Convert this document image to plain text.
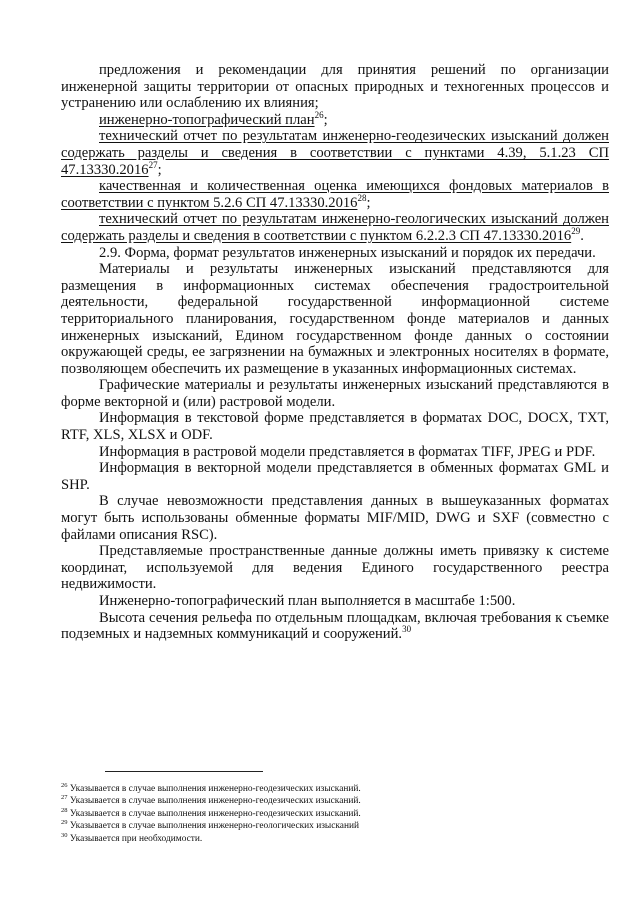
предложения и рекомендации для принятия решений по организации инженерной защиты территории от опасных природных и техногенных процессов и устранению или ослаблению их влияния;

инженерно-топографический план$^{26}$;

технический отчет по результатам инженерно-геодезических изысканий должен содержать разделы и сведения в соответствии с пунктами 4.39, 5.1.23 СП 47.13330.2016$^{27}$;

качественная и количественная оценка имеющихся фондовых материалов в соответствии с пунктом 5.2.6 СП 47.13330.2016$^{28}$;

технический отчет по результатам инженерно-геологических изысканий должен содержать разделы и сведения в соответствии с пунктом 6.2.2.3 СП 47.13330.2016$^{29}$.

2.9. Форма, формат результатов инженерных изысканий и порядок их передачи.

Материалы и результаты инженерных изысканий представляются для размещения в информационных системах обеспечения градостроительной деятельности, федеральной государственной информационной системе территориального планирования, государственном фонде материалов и данных инженерных изысканий, Едином государственном фонде данных о состоянии окружающей среды, ее загрязнении на бумажных и электронных носителях в формате, позволяющем обеспечить их размещение в указанных информационных системах.

Графические материалы и результаты инженерных изысканий представляются в форме векторной и (или) растровой модели.

Информация в текстовой форме представляется в форматах DOC, DOCX, TXT, RTF, XLS, XLSX и ODF.

Информация в растровой модели представляется в форматах TIFF, JPEG и PDF.

Информация в векторной модели представляется в обменных форматах GML и SHP.

В случае невозможности представления данных в вышеуказанных форматах могут быть использованы обменные форматы MIF/MID, DWG и SXF (совместно с файлами описания RSC).

Представляемые пространственные данные должны иметь привязку к системе координат, используемой для ведения Единого государственного реестра недвижимости.

Инженерно-топографический план выполняется в масштабе 1:500.

Высота сечения рельефа по отдельным площадкам, включая требования к съемке подземных и надземных коммуникаций и сооружений.$^{30}$

$^{26}$ Указывается в случае выполнения инженерно-геодезических изысканий.

$^{27}$ Указывается в случае выполнения инженерно-геодезических изысканий.

$^{28}$ Указывается в случае выполнения инженерно-геодезических изысканий.

$^{29}$ Указывается в случае выполнения инженерно-геологических изысканий

$^{30}$ Указывается при необходимости.
